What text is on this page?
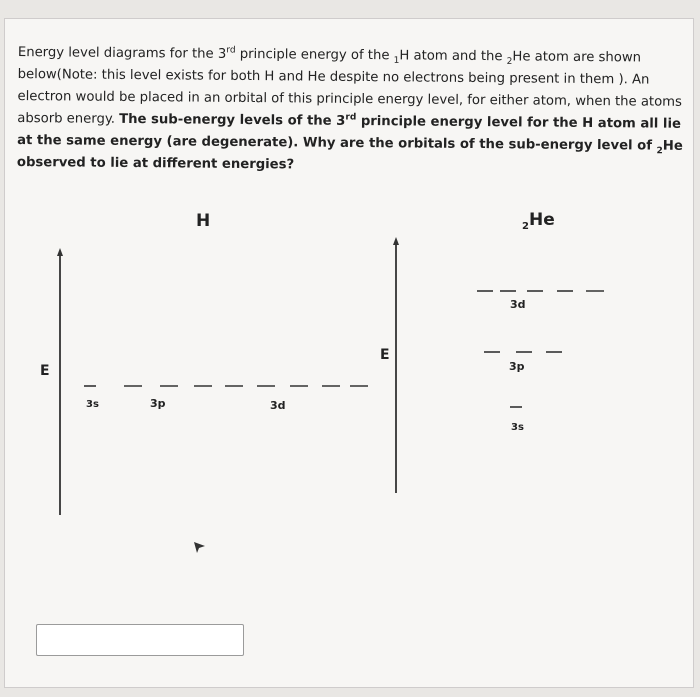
Energy level diagrams for the 3rd principle energy of the $_1$H atom and the $_2$He atom are shown below(Note: this level exists for both H and He despite no electrons being present in them ). An electron would be placed in an orbital of this principle energy level, for either atom, when the atoms absorb energy. The sub-energy levels of the 3rd principle energy level for the H atom all lie at the same energy (are degenerate). Why are the orbitals of the sub-energy level of $_2$He observed to lie at different energies?
H
E
3s	3p	3d
2 He
E
3d
3p
3s
